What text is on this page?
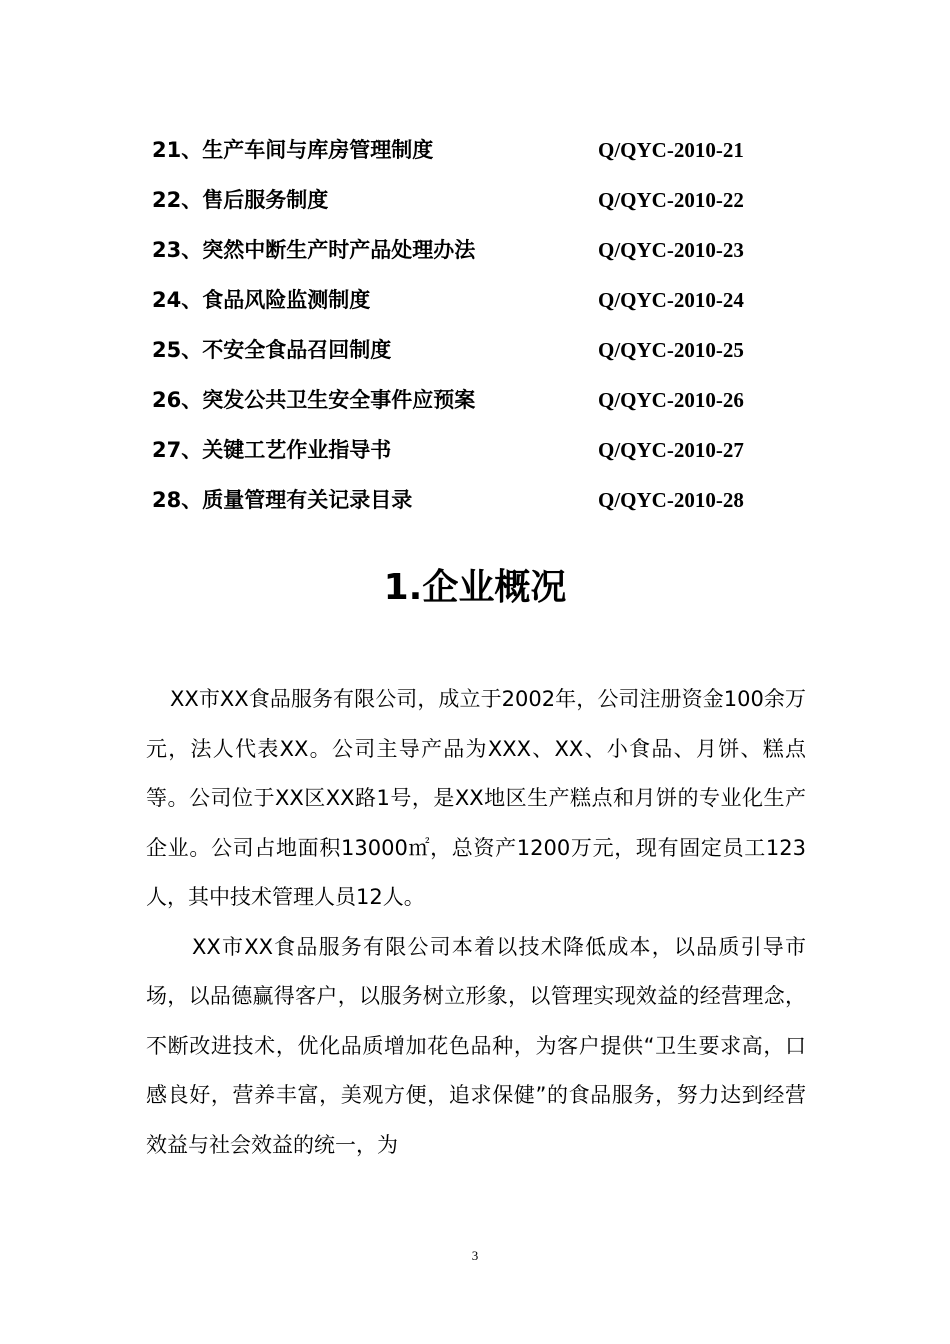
21、生产车间与库房管理制度	Q/QYC-2010-21
22、售后服务制度	Q/QYC-2010-22
23、突然中断生产时产品处理办法	Q/QYC-2010-23
24、食品风险监测制度	Q/QYC-2010-24
25、不安全食品召回制度	Q/QYC-2010-25
26、突发公共卫生安全事件应预案	Q/QYC-2010-26
27、关键工艺作业指导书	Q/QYC-2010-27
28、质量管理有关记录目录	Q/QYC-2010-28
1.企业概况

XX市XX食品服务有限公司，成立于2002年，公司注册资金100余万元，法人代表XX。公司主导产品为XXX、XX、小食品、月饼、糕点等。公司位于XX区XX路1号，是XX地区生产糕点和月饼的专业化生产企业。公司占地面积13000㎡，总资产1200万元，现有固定员工123人，其中技术管理人员12人。

XX市XX食品服务有限公司本着以技术降低成本，以品质引导市场，以品德赢得客户，以服务树立形象，以管理实现效益的经营理念，不断改进技术，优化品质增加花色品种，为客户提供“卫生要求高，口感良好，营养丰富，美观方便，追求保健”的食品服务，努力达到经营效益与社会效益的统一，为

3
